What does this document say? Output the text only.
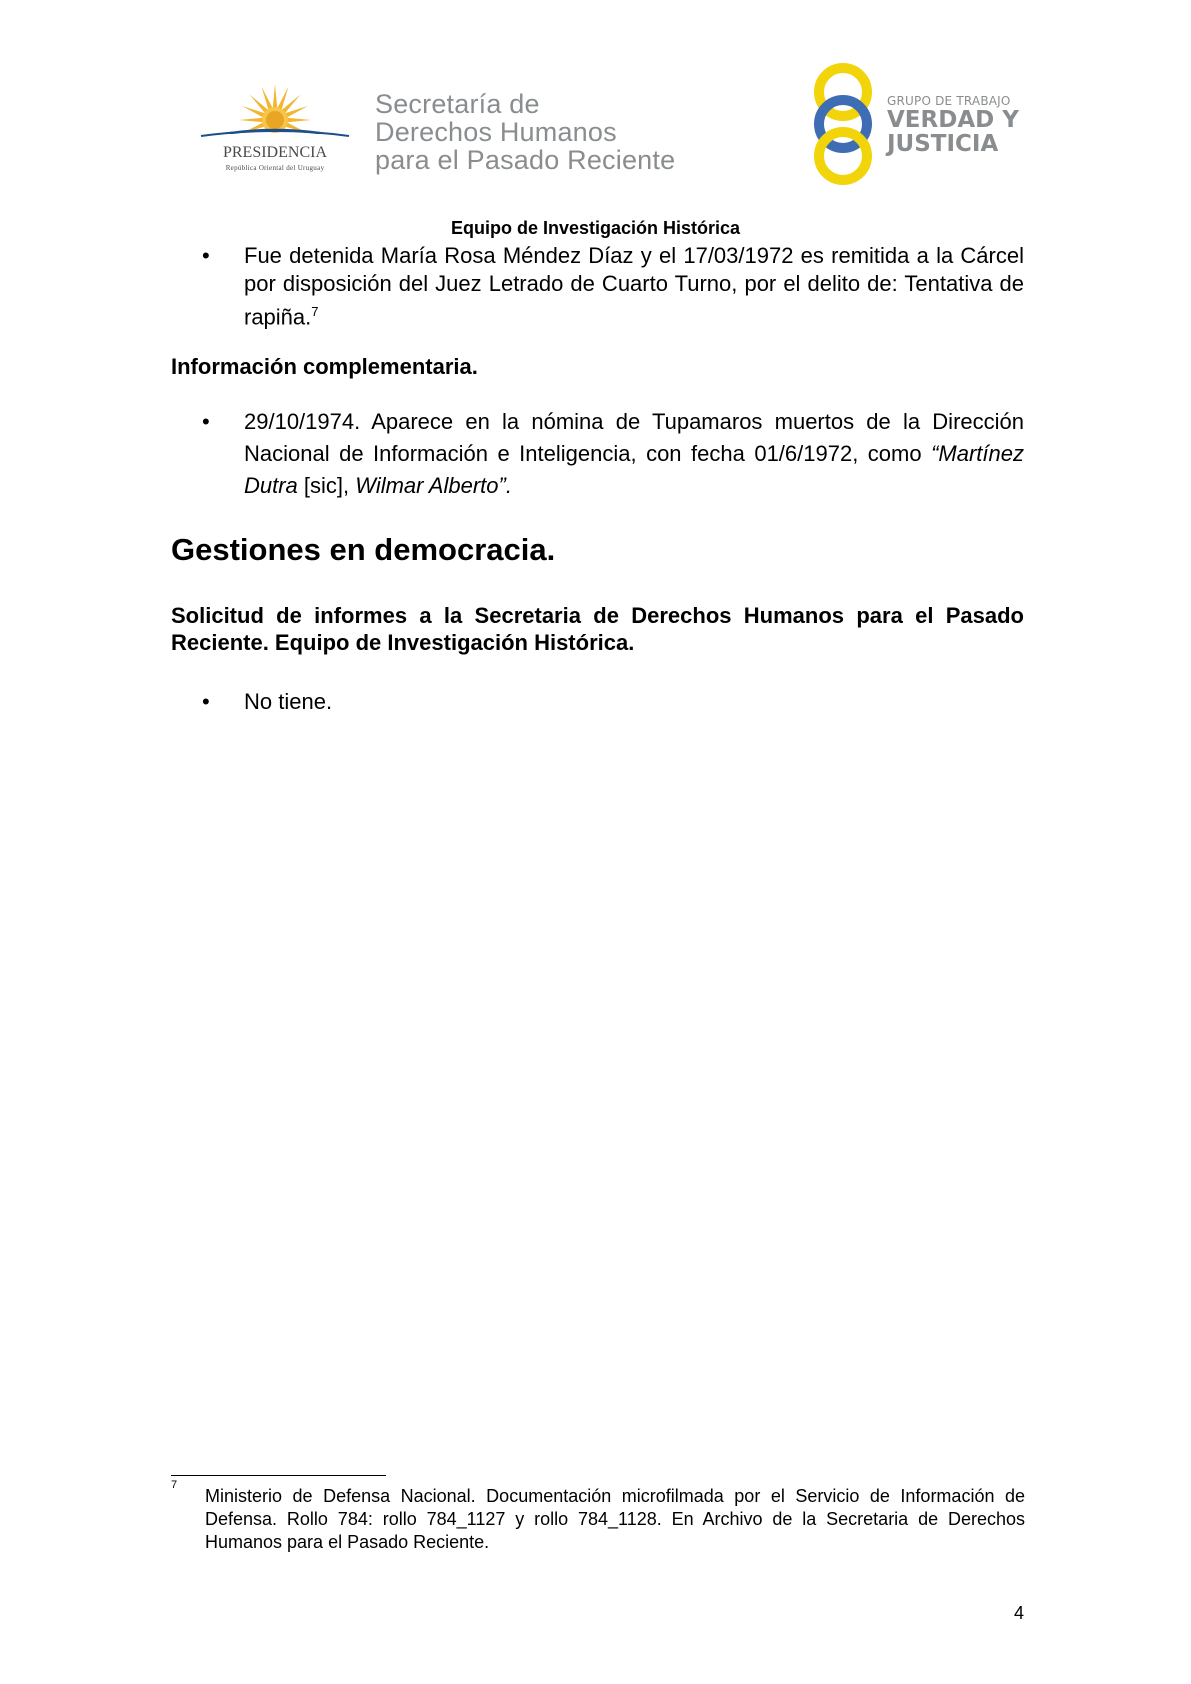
PRESIDENCIA
República Oriental del Uruguay
Secretaría de
Derechos Humanos
para el Pasado Reciente
GRUPO DE TRABAJO
VERDAD Y
JUSTICIA
Equipo de Investigación Histórica
• Fue detenida María Rosa Méndez Díaz y el 17/03/1972 es remitida a la Cárcel por disposición del Juez Letrado de Cuarto Turno, por el delito de: Tentativa de rapiña.$^7$
Información complementaria.
• 29/10/1974. Aparece en la nómina de Tupamaros muertos de la Dirección Nacional de Información e Inteligencia, con fecha 01/6/1972, como “Martínez Dutra [sic], Wilmar Alberto”.
Gestiones en democracia.
Solicitud de informes a la Secretaria de Derechos Humanos para el Pasado Reciente. Equipo de Investigación Histórica.
• No tiene.
7
Ministerio de Defensa Nacional. Documentación microfilmada por el Servicio de Información de Defensa. Rollo 784: rollo 784_1127 y rollo 784_1128. En Archivo de la Secretaria de Derechos Humanos para el Pasado Reciente.
4
